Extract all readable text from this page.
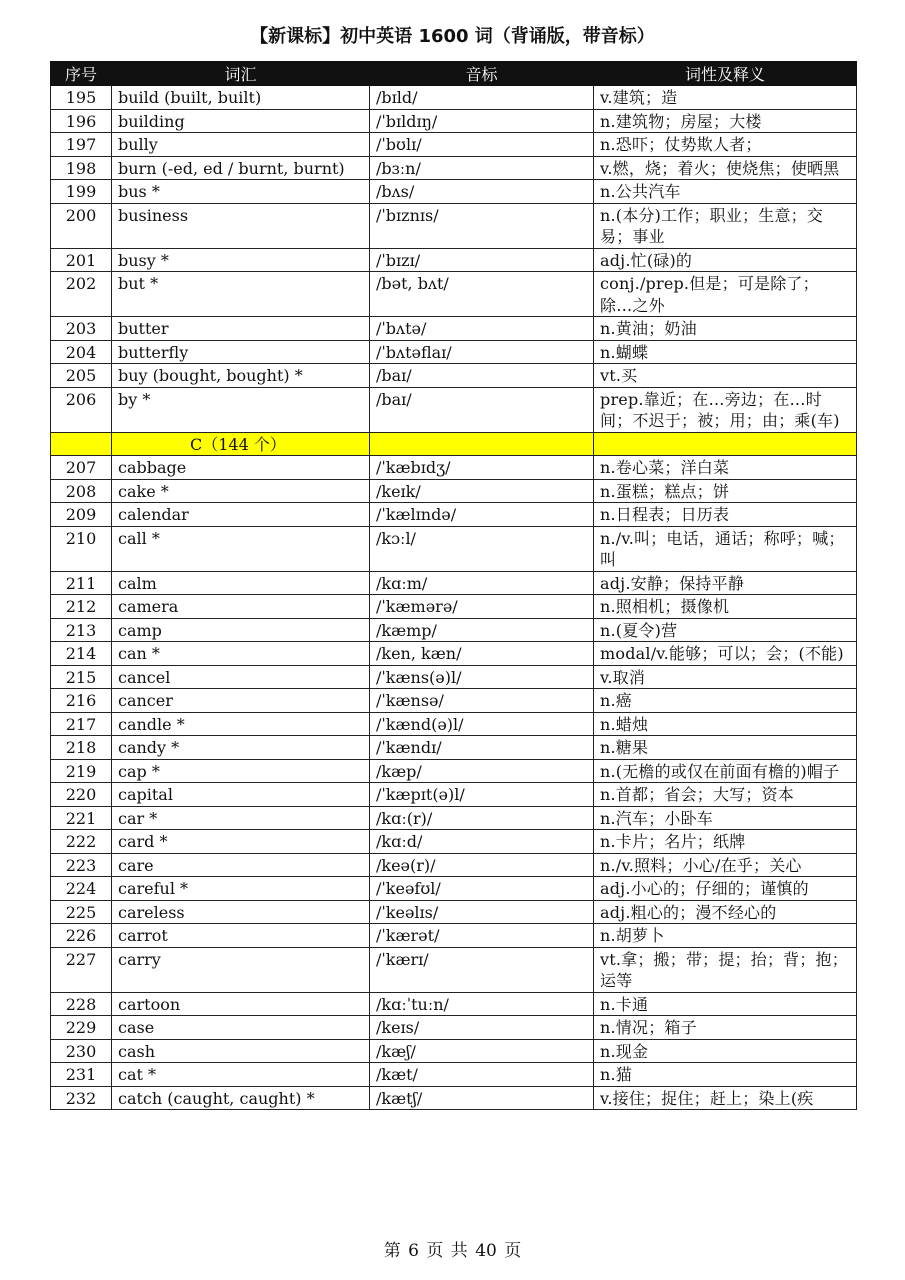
【新课标】初中英语 1600 词（背诵版，带音标）
序号	词汇	音标	词性及释义
195	build (built, built)	/bɪld/	v.建筑；造
196	building	/ˈbɪldɪŋ/	n.建筑物；房屋；大楼
197	bully	/ˈbʊlɪ/	n.恐吓；仗势欺人者；
198	burn (-ed, ed / burnt, burnt)	/bɜːn/	v.燃，烧；着火；使烧焦；使晒黑
199	bus *	/bʌs/	n.公共汽车
200	business	/ˈbɪznɪs/	n.(本分)工作；职业；生意；交易；事业
201	busy *	/ˈbɪzɪ/	adj.忙(碌)的
202	but *	/bət, bʌt/	conj./prep.但是；可是除了；除…之外
203	butter	/ˈbʌtə/	n.黄油；奶油
204	butterfly	/ˈbʌtəflaɪ/	n.蝴蝶
205	buy (bought, bought) *	/baɪ/	vt.买
206	by *	/baɪ/	prep.靠近；在…旁边；在…时间；不迟于；被；用；由；乘(车)
	C（144 个）		
207	cabbage	/ˈkæbɪdʒ/	n.卷心菜；洋白菜
208	cake *	/keɪk/	n.蛋糕；糕点；饼
209	calendar	/ˈkælɪndə/	n.日程表；日历表
210	call *	/kɔːl/	n./v.叫；电话，通话；称呼；喊；叫
211	calm	/kɑːm/	adj.安静；保持平静
212	camera	/ˈkæmərə/	n.照相机；摄像机
213	camp	/kæmp/	n.(夏令)营
214	can *	/ken, kæn/	modal/v.能够；可以；会；(不能)
215	cancel	/ˈkæns(ə)l/	v.取消
216	cancer	/ˈkænsə/	n.癌
217	candle *	/ˈkænd(ə)l/	n.蜡烛
218	candy *	/ˈkændɪ/	n.糖果
219	cap *	/kæp/	n.(无檐的或仅在前面有檐的)帽子
220	capital	/ˈkæpɪt(ə)l/	n.首都；省会；大写；资本
221	car *	/kɑː(r)/	n.汽车；小卧车
222	card *	/kɑːd/	n.卡片；名片；纸牌
223	care	/keə(r)/	n./v.照料；小心/在乎；关心
224	careful *	/ˈkeəfʊl/	adj.小心的；仔细的；谨慎的
225	careless	/ˈkeəlɪs/	adj.粗心的；漫不经心的
226	carrot	/ˈkærət/	n.胡萝卜
227	carry	/ˈkærɪ/	vt.拿；搬；带；提；抬；背；抱；运等
228	cartoon	/kɑːˈtuːn/	n.卡通
229	case	/keɪs/	n.情况；箱子
230	cash	/kæʃ/	n.现金
231	cat *	/kæt/	n.猫
232	catch (caught, caught) *	/kætʃ/	v.接住；捉住；赶上；染上(疾
第 6 页 共 40 页
